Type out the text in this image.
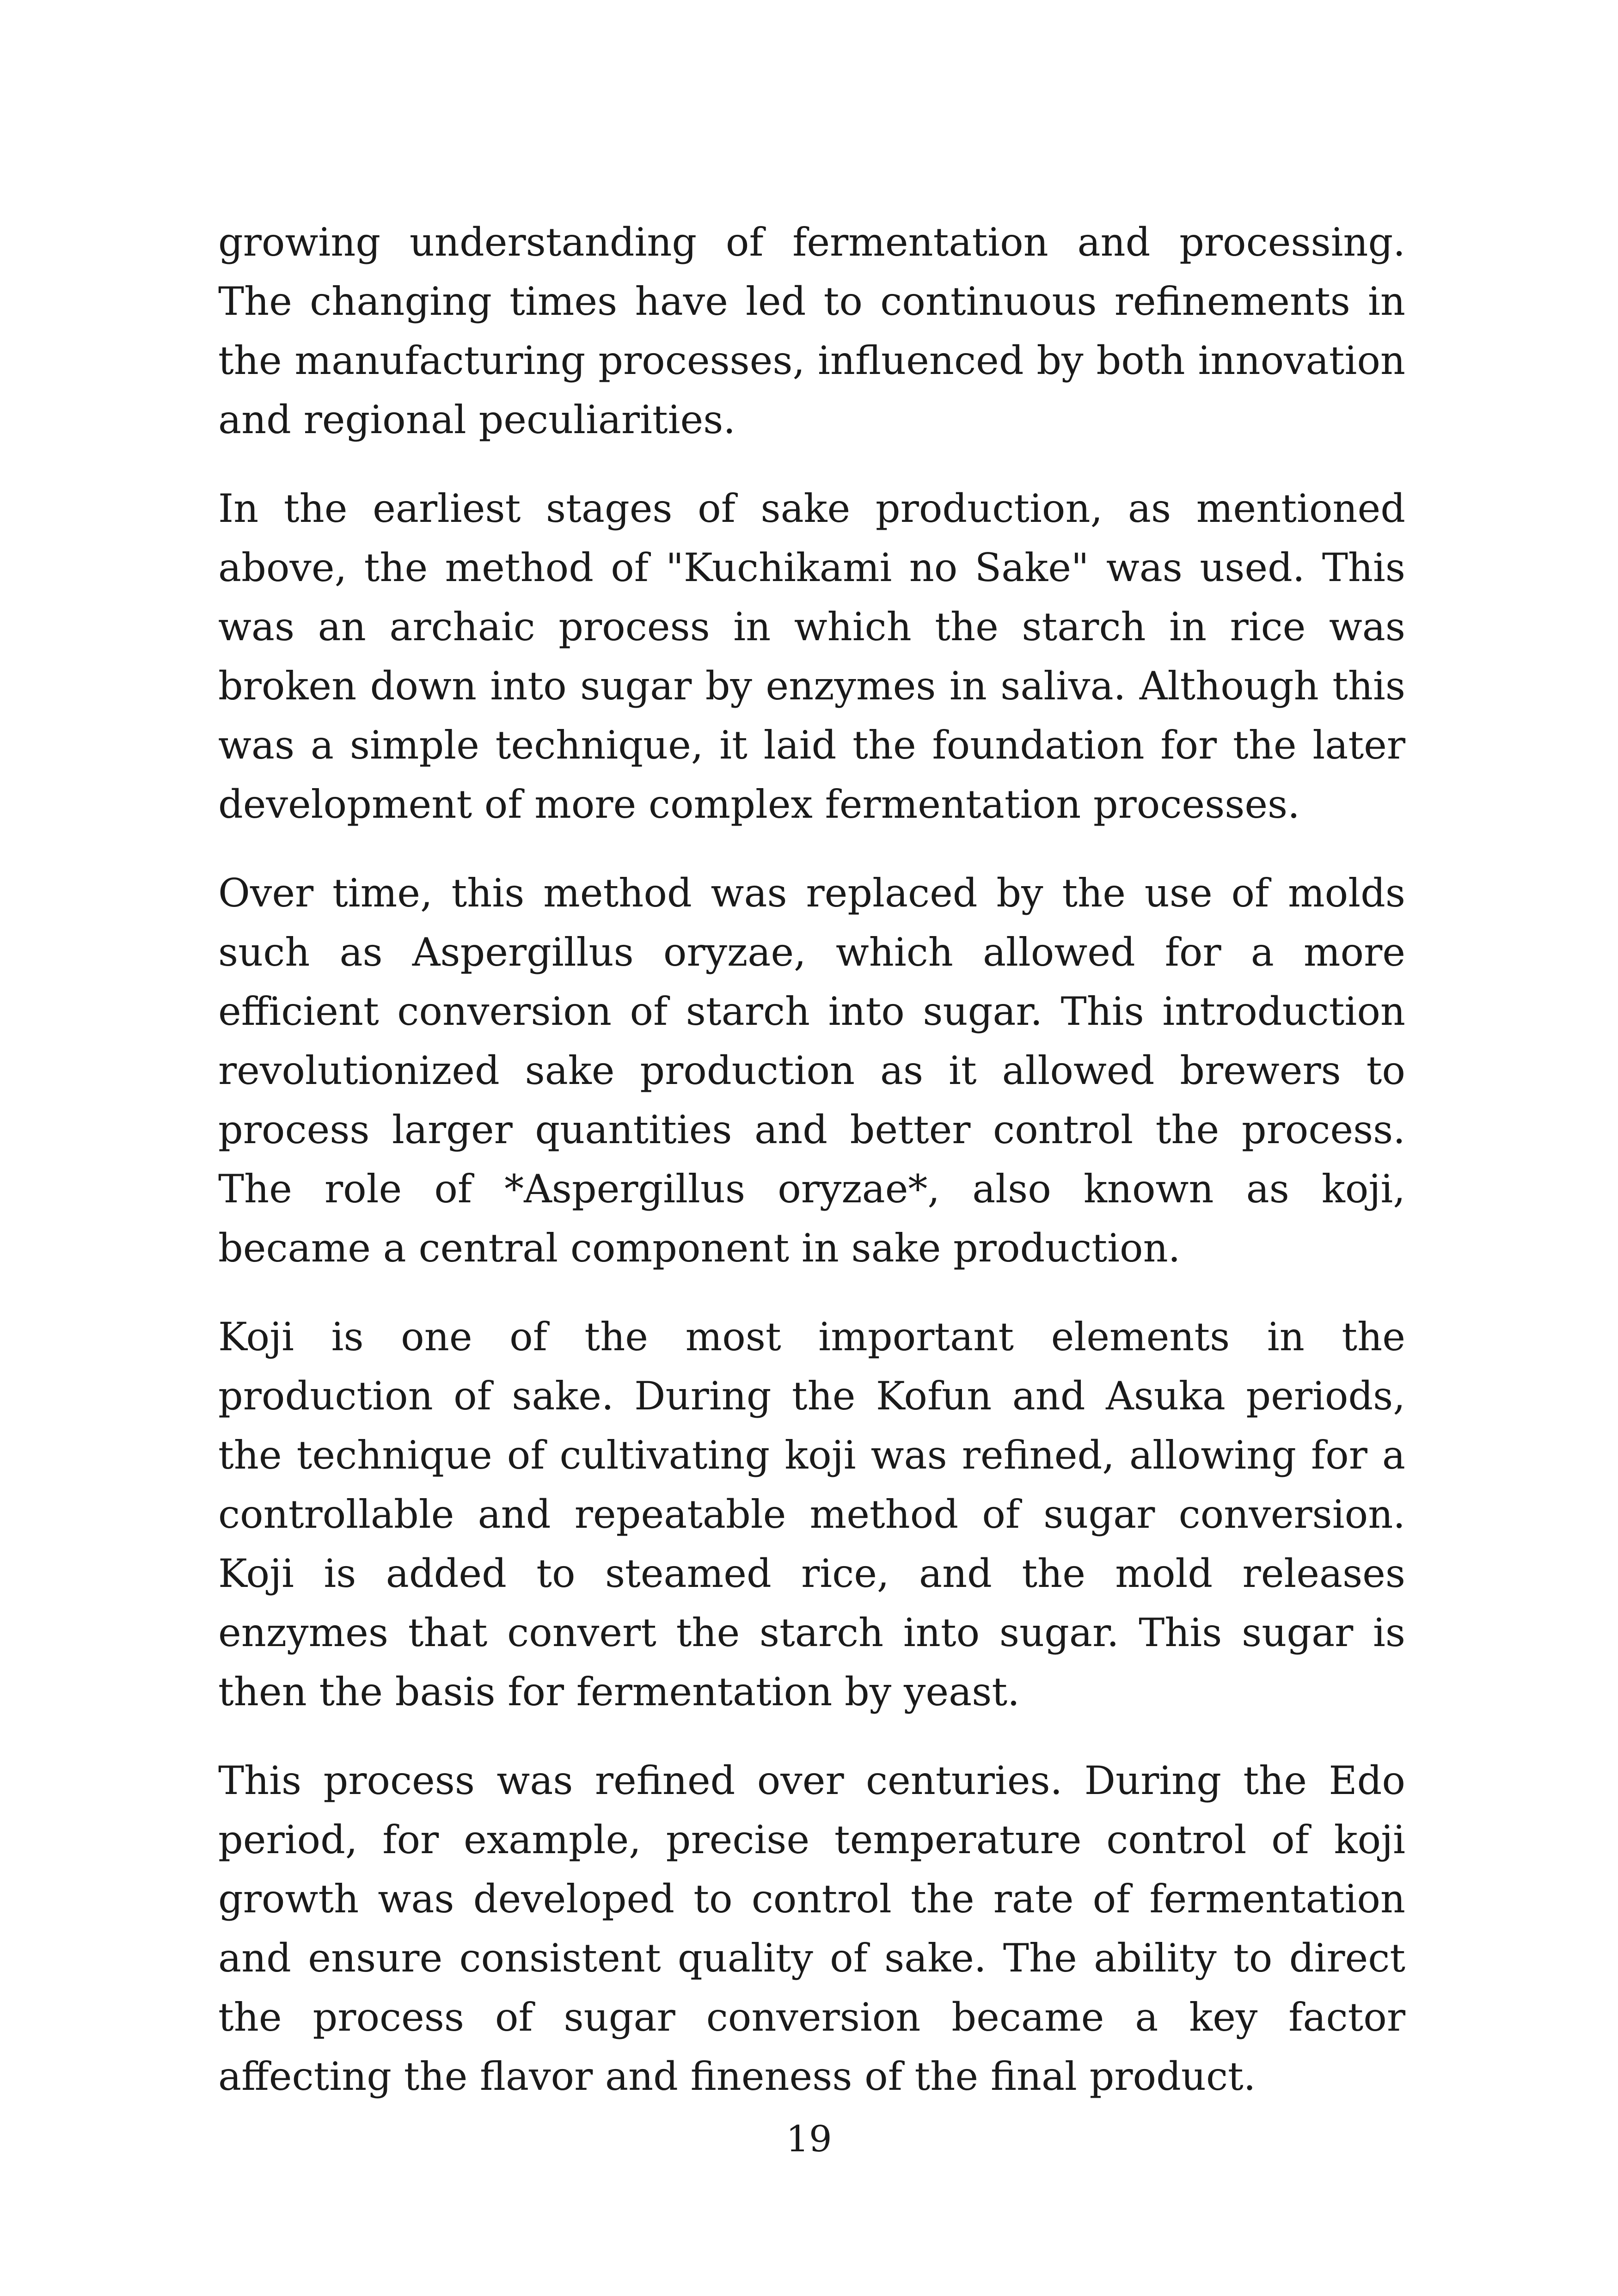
growing understanding of fermentation and processing. The changing times have led to continuous refinements in the manufacturing processes, influenced by both innovation and regional peculiarities.

In the earliest stages of sake production, as mentioned above, the method of "Kuchikami no Sake" was used. This was an archaic process in which the starch in rice was broken down into sugar by enzymes in saliva. Although this was a simple technique, it laid the foundation for the later development of more complex fermentation processes.

Over time, this method was replaced by the use of molds such as Aspergillus oryzae, which allowed for a more efficient conversion of starch into sugar. This introduction revolutionized sake production as it allowed brewers to process larger quantities and better control the process. The role of *Aspergillus oryzae*, also known as koji, became a central component in sake production.

Koji is one of the most important elements in the production of sake. During the Kofun and Asuka periods, the technique of cultivating koji was refined, allowing for a controllable and repeatable method of sugar conversion. Koji is added to steamed rice, and the mold releases enzymes that convert the starch into sugar. This sugar is then the basis for fermentation by yeast.

This process was refined over centuries. During the Edo period, for example, precise temperature control of koji growth was developed to control the rate of fermentation and ensure consistent quality of sake. The ability to direct the process of sugar conversion became a key factor affecting the flavor and fineness of the final product.

19
